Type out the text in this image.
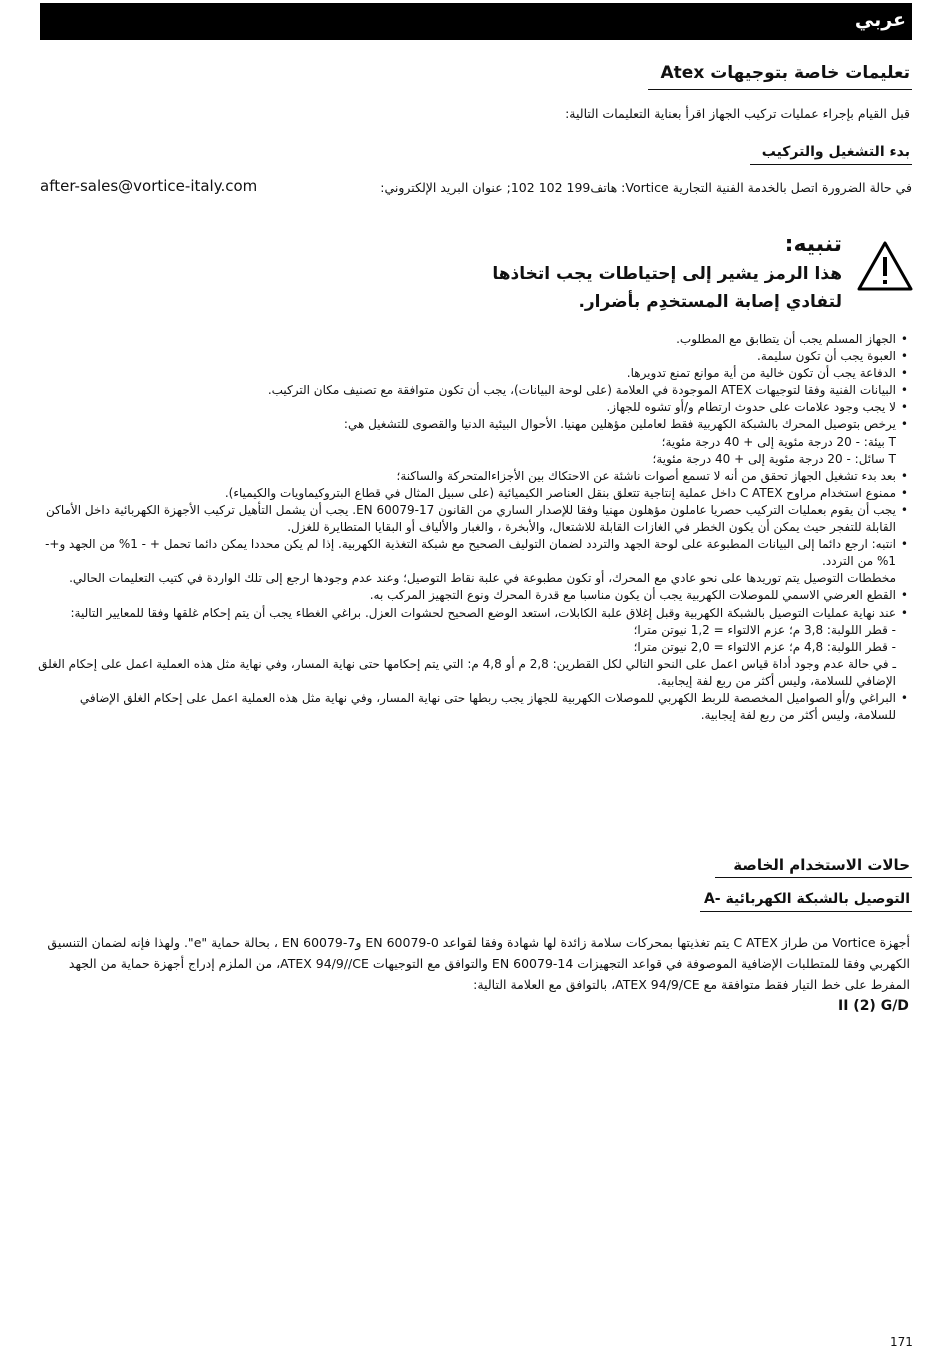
عربي
Atex تعليمات خاصة بتوجيهات
قبل القيام بإجراء عمليات تركيب الجهاز اقرأ بعناية التعليمات التالية:
بدء التشغيل والتركيب
في حالة الضرورة اتصل بالخدمة الفنية التجارية Vortice: هاتف199 102 102; عنوان البريد الإلكتروني:
after-sales@vortice-italy.com
تنبيه:
هذا الرمز يشير إلى إحتياطات يجب اتخاذها
لتفادي إصابة المستخدِم بأضرار.
•
الجهاز المسلم يجب أن يتطابق مع المطلوب.
•
العبوة يجب أن تكون سليمة.
•
الدفاعة يجب أن تكون خالية من أية موانع تمنع تدويرها.
•
البيانات الفنية وفقا لتوجيهات ATEX الموجودة في العلامة (على لوحة البيانات)، يجب أن تكون متوافقة مع تصنيف مكان التركيب.
•
لا يجب وجود علامات على حدوث ارتطام و/أو تشوه للجهاز.
•
يرخص بتوصيل المحرك بالشبكة الكهربية فقط لعاملين مؤهلين مهنيا. الأحوال البيئية الدنيا والقصوى للتشغيل هي:
T بيئة: - 20 درجة مئوية إلى + 40 درجة مئوية؛
T سائل: - 20 درجة مئوية إلى + 40 درجة مئوية؛
•
بعد بدء تشغيل الجهاز تحقق من أنه لا تسمع أصوات ناشئة عن الاحتكاك بين الأجزاءالمتحركة والساكنة؛
•
ممنوع استخدام مراوح C ATEX داخل عملية إنتاجية تتعلق بنقل العناصر الكيميائية (على سبيل المثال في قطاع البتروكيماويات والكيمياء).
•
يجب أن يقوم بعمليات التركيب حصريا عاملون مؤهلون مهنيا وفقا للإصدار الساري من القانون EN 60079-17. يجب أن يشمل التأهيل تركيب الأجهزة الكهربائية داخل الأماكن القابلة للتفجر حيث يمكن أن يكون الخطر في الغازات القابلة للاشتعال، والأبخرة ، والغبار والألياف أو البقايا المتطايرة للغزل.
•
انتبه: ارجع دائما إلى البيانات المطبوعة على لوحة الجهد والتردد لضمان التوليف الصحيح مع شبكة التغذية الكهربية. إذا لم يكن محددا يمكن دائما تحمل + - 1% من الجهد و+- 1% من التردد.
مخططات التوصيل يتم توريدها على نحو عادي مع المحرك، أو تكون مطبوعة في علبة نقاط التوصيل؛ وعند عدم وجودها ارجع إلى تلك الواردة في كتيب التعليمات الحالي.
•
القطع العرضي الاسمي للموصلات الكهربية يجب أن يكون مناسبا مع قدرة المحرك ونوع التجهيز المركب به.
•
عند نهاية عمليات التوصيل بالشبكة الكهربية وقبل إغلاق علبة الكابلات، استعد الوضع الصحيح لحشوات العزل. براغي الغطاء يجب أن يتم إحكام غلقها وفقا للمعايير التالية:
- قطر اللولبة: 3,8 م؛ عزم الالتواء = 1,2 نيوتن مترا؛
- قطر اللولبة: 4,8 م؛ عزم الالتواء = 2,0 نيوتن مترا؛
ـ في حالة عدم وجود أداة قياس اعمل على النحو التالي لكل القطرين: 2,8 م أو 4,8 م: التي يتم إحكامها حتى نهاية المسار، وفي نهاية مثل هذه العملية اعمل على إحكام الغلق الإضافي للسلامة، وليس أكثر من ربع لفة إيجابية.
•
البراغي و/أو الصواميل المخصصة للربط الكهربي للموصلات الكهربية للجهاز يجب ربطها حتى نهاية المسار، وفي نهاية مثل هذه العملية اعمل على إحكام الغلق الإضافي للسلامة، وليس أكثر من ربع لفة إيجابية.
حالات الاستخدام الخاصة
A- التوصيل بالشبكة الكهربائية
أجهزة Vortice من طراز C ATEX يتم تغذيتها بمحركات سلامة زائدة لها شهادة وفقا لقواعد EN 60079-0 وEN 60079-7 ، بحالة حماية "e". ولهذا فإنه لضمان التنسيق الكهربي وفقا للمتطلبات الإضافية الموصوفة في قواعد التجهيزات EN 60079-14 والتوافق مع التوجيهات ATEX 94/9//CE، من الملزم إدراج أجهزة حماية من الجهد المفرط على خط التيار فقط متوافقة مع ATEX 94/9/CE، بالتوافق مع العلامة التالية:
II (2) G/D
171
